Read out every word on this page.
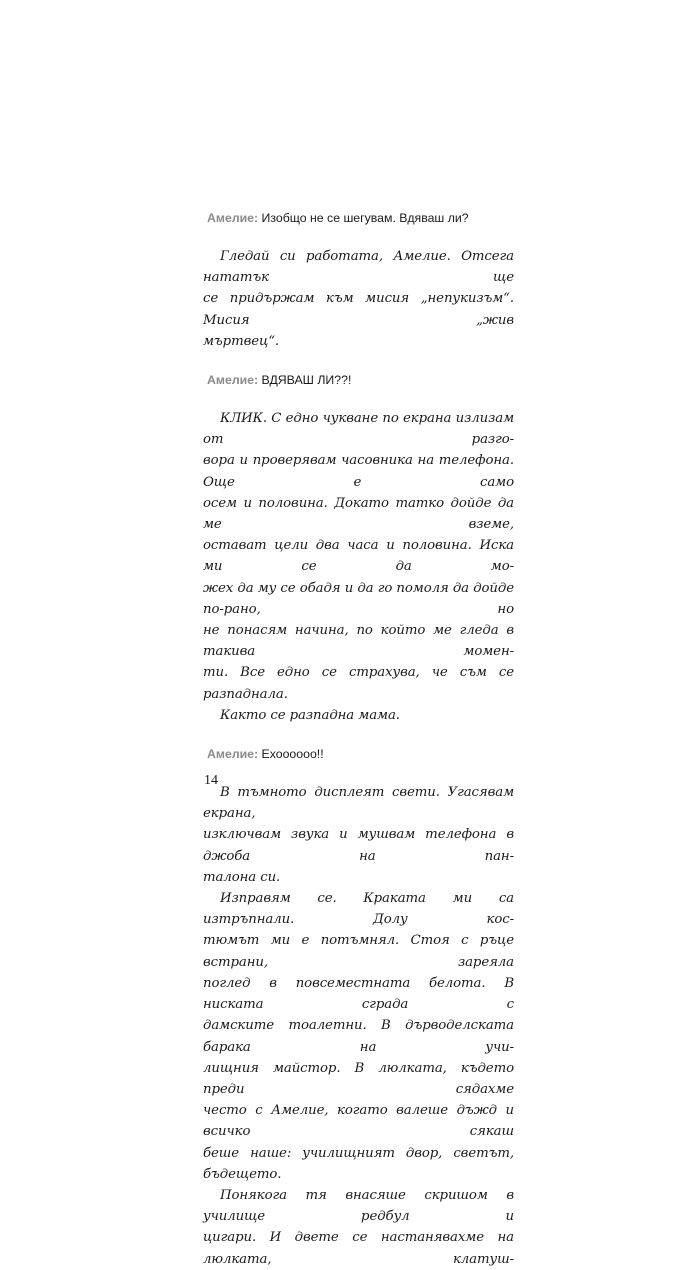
Амелие: Изобщо не се шегувам. Вдяваш ли?

Гледай си работата, Амелие. Отсега нататък ще
се придържам към мисия „непукизъм“. Мисия „жив
мъртвец“.

Амелие: ВДЯВАШ ЛИ??!

КЛИК. С едно чукване по екрана излизам от разго-
вора и проверявам часовника на телефона. Още е само
осем и половина. Докато татко дойде да ме вземе,
остават цели два часа и половина. Иска ми се да мо-
жех да му се обадя и да го помоля да дойде по-рано, но
не понасям начина, по който ме гледа в такива момен-
ти. Все едно се страхува, че съм се разпаднала.
Както се разпадна мама.

Амелие: Ехоооооо!!

В тъмното дисплеят свети. Угасявам екрана,
изключвам звука и мушвам телефона в джоба на пан-
талона си.
Изправям се. Краката ми са изтръпнали. Долу кос-
тюмът ми е потъмнял. Стоя с ръце встрани, зареяла
поглед в повсеместната белота. В ниската сграда с
дамските тоалетни. В дърводелската барака на учи-
лищния майстор. В люлката, където преди сядахме
често с Амелие, когато валеше дъжд и всичко сякаш
беше наше: училищният двор, светът, бъдещето.
Понякога тя внасяше скришом в училище редбул и
цигари. И двете се настанявахме на люлката, клатуш-

14
